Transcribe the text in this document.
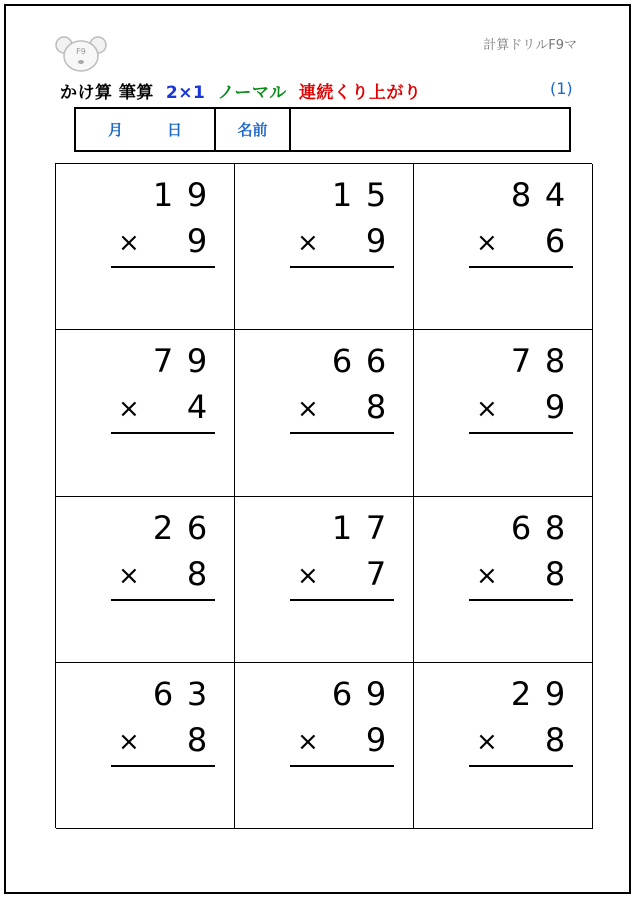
F9	計算ドリルF9マ
かけ算 筆算 2×1 ノーマル 連続くり上がり	(1)
月	日	名前
1 9
× 9
1 5
× 9
8 4
× 6
7 9
× 4
6 6
× 8
7 8
× 9
2 6
× 8
1 7
× 7
6 8
× 8
6 3
× 8
6 9
× 9
2 9
× 8
